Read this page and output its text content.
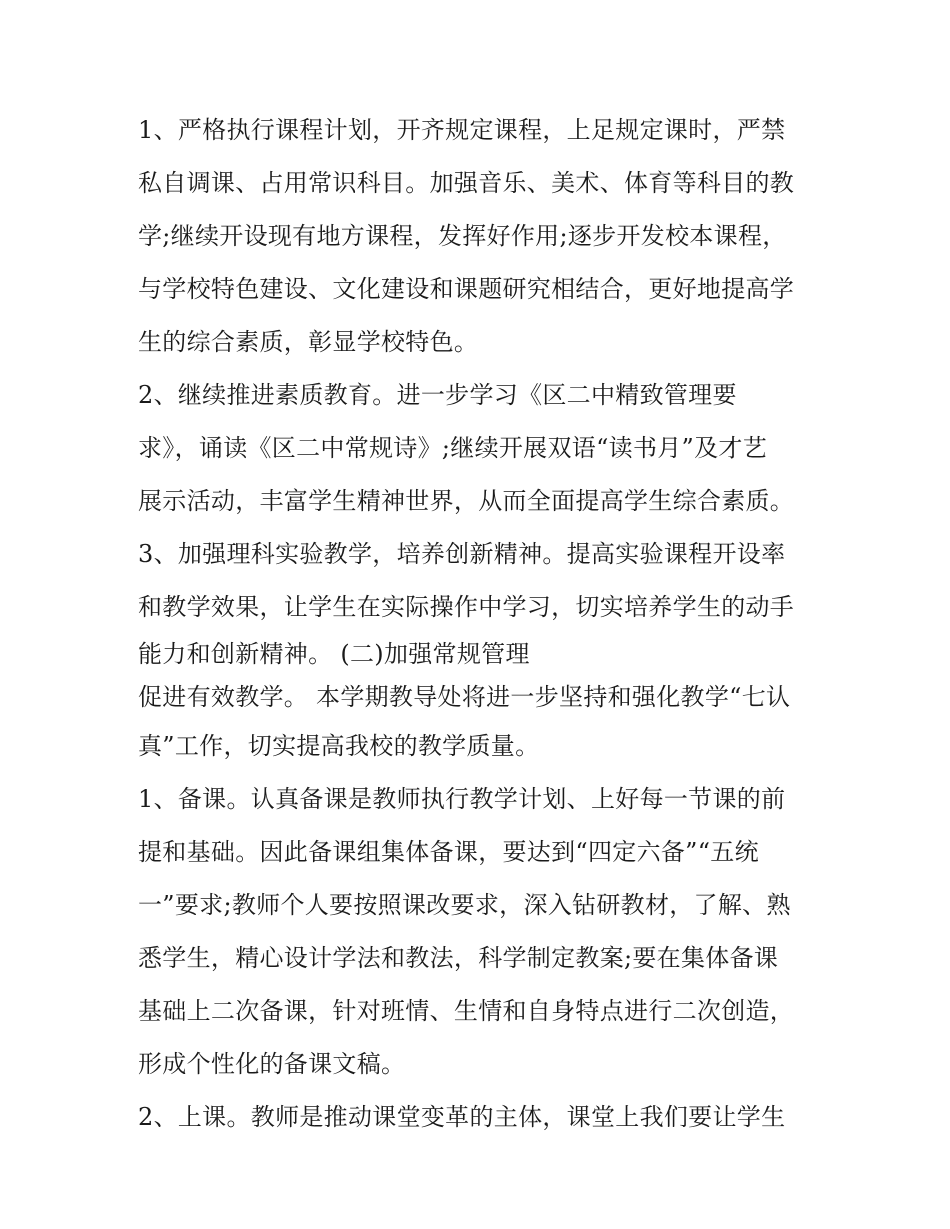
1、严格执行课程计划，开齐规定课程，上足规定课时，严禁
私自调课、占用常识科目。加强音乐、美术、体育等科目的教
学;继续开设现有地方课程，发挥好作用;逐步开发校本课程，
与学校特色建设、文化建设和课题研究相结合，更好地提高学
生的综合素质，彰显学校特色。
2、继续推进素质教育。进一步学习《区二中精致管理要
求》，诵读《区二中常规诗》;继续开展双语“读书月”及才艺
展示活动，丰富学生精神世界，从而全面提高学生综合素质。
3、加强理科实验教学，培养创新精神。提高实验课程开设率
和教学效果，让学生在实际操作中学习，切实培养学生的动手
能力和创新精神。 (二)加强常规管理
促进有效教学。 本学期教导处将进一步坚持和强化教学“七认
真”工作，切实提高我校的教学质量。
1、备课。认真备课是教师执行教学计划、上好每一节课的前
提和基础。因此备课组集体备课，要达到“四定六备”“五统
一”要求;教师个人要按照课改要求，深入钻研教材，了解、熟
悉学生，精心设计学法和教法，科学制定教案;要在集体备课
基础上二次备课，针对班情、生情和自身特点进行二次创造，
形成个性化的备课文稿。
2、上课。教师是推动课堂变革的主体，课堂上我们要让学生
